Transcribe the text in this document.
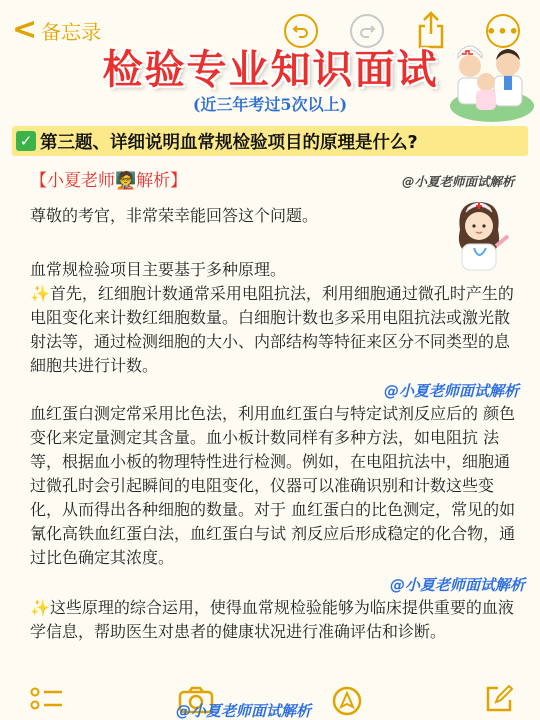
< 备忘录	•••
检验专业知识面试
(近三年考过5次以上)
✓ 第三题、详细说明血常规检验项目的原理是什么?
【小夏老师🧑‍🏫解析】	@小夏老师面试解析
尊敬的考官，非常荣幸能回答这个问题。
血常规检验项目主要基于多种原理。
✨首先，红细胞计数通常采用电阻抗法，利用细胞通过微孔时产生的电阻变化来计数红细胞数量。白细胞计数也多采用电阻抗法或激光散射法等，通过检测细胞的大小、内部结构等特征来区分不同类型的息細胞共进行计数。
@小夏老师面试解析
血红蛋白测定常采用比色法，利用血红蛋白与特定试剂反应后的 颜色变化来定量测定其含量。血小板计数同样有多种方法，如电阻抗 法等，根据血小板的物理特性进行检测。例如，在电阻抗法中，细胞通过微孔时会引起瞬间的电阻变化，仪器可以准确识别和计数这些变化，从而得出各种细胞的数量。对于 血红蛋白的比色测定，常见的如氰化高铁血红蛋白法，血红蛋白与试 剂反应后形成稳定的化合物，通过比色确定其浓度。
@小夏老师面试解析
✨这些原理的综合运用，使得血常规检验能够为临床提供重要的血液学信息，帮助医生对患者的健康状况进行准确评估和诊断。
@小夏老师面试解析
